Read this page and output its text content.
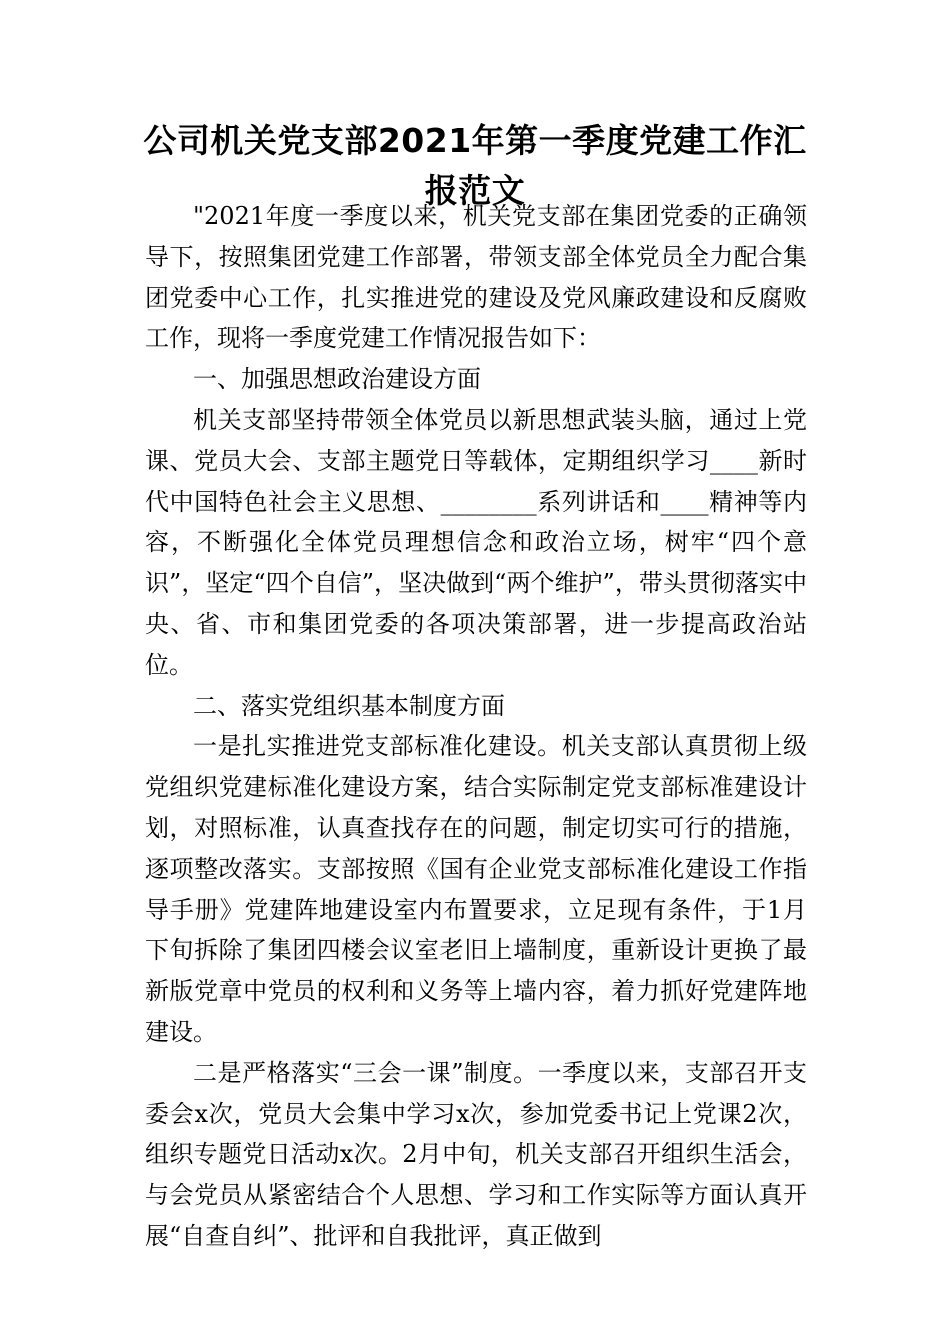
公司机关党支部2021年第一季度党建工作汇报范文

"2021年度一季度以来，机关党支部在集团党委的正确领导下，按照集团党建工作部署，带领支部全体党员全力配合集团党委中心工作，扎实推进党的建设及党风廉政建设和反腐败工作，现将一季度党建工作情况报告如下：

一、加强思想政治建设方面

机关支部坚持带领全体党员以新思想武装头脑，通过上党课、党员大会、支部主题党日等载体，定期组织学习____新时代中国特色社会主义思想、________系列讲话和____精神等内容，不断强化全体党员理想信念和政治立场，树牢“四个意识”，坚定“四个自信”，坚决做到“两个维护”，带头贯彻落实中央、省、市和集团党委的各项决策部署，进一步提高政治站位。

二、落实党组织基本制度方面

一是扎实推进党支部标准化建设。机关支部认真贯彻上级党组织党建标准化建设方案，结合实际制定党支部标准建设计划，对照标准，认真查找存在的问题，制定切实可行的措施，逐项整改落实。支部按照《国有企业党支部标准化建设工作指导手册》党建阵地建设室内布置要求，立足现有条件，于1月下旬拆除了集团四楼会议室老旧上墙制度，重新设计更换了最新版党章中党员的权利和义务等上墙内容，着力抓好党建阵地建设。

二是严格落实“三会一课”制度。一季度以来，支部召开支委会x次，党员大会集中学习x次，参加党委书记上党课2次，组织专题党日活动x次。2月中旬，机关支部召开组织生活会，与会党员从紧密结合个人思想、学习和工作实际等方面认真开展“自查自纠”、批评和自我批评，真正做到
